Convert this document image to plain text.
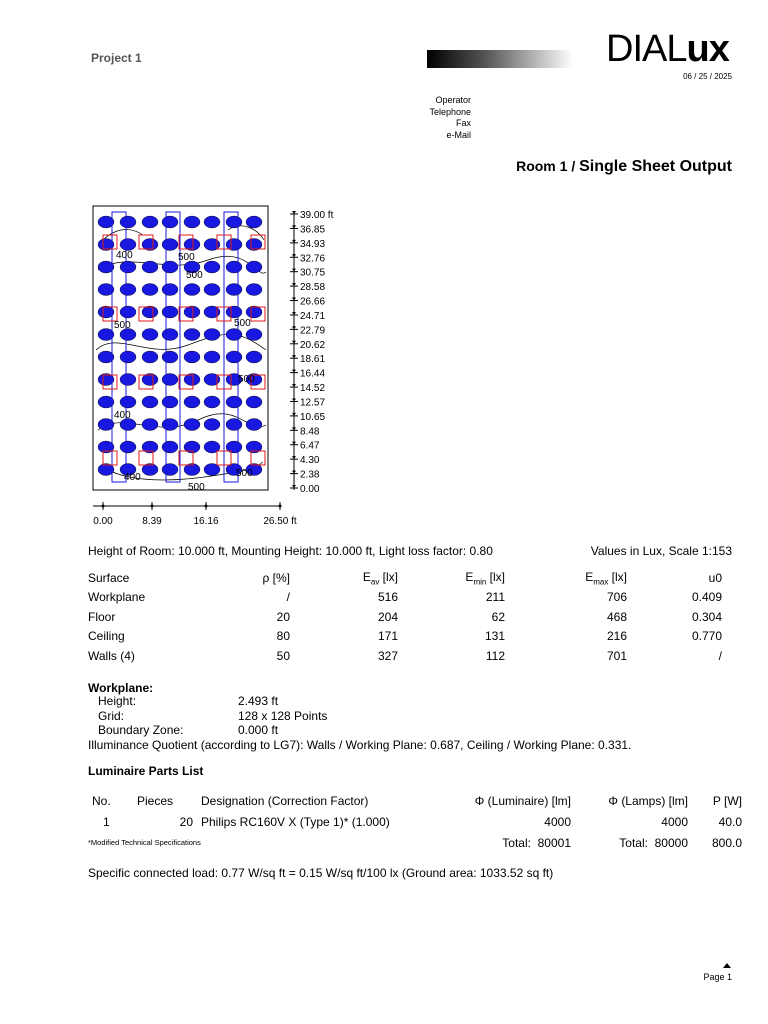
Project 1	DIALux
06 / 25 / 2025
Operator
Telephone
Fax
e-Mail
Room 1 / Single Sheet Output
400	500
500
500	500
500
400
500
400	500
39.00 ft
36.85
34.93
32.76
30.75
28.58
26.66
24.71
22.79
20.62
18.61
16.44
14.52
12.57
10.65
8.48
6.47
4.30
2.38
0.00
0.00	8.39	16.16	26.50 ft
Height of Room: 10.000 ft, Mounting Height: 10.000 ft, Light loss factor: 0.80	Values in Lux, Scale 1:153
Surface	ρ [%]	$E_{av}$ [lx]	$E_{min}$ [lx]	$E_{max}$ [lx]	u0
Workplane	/	516	211	706	0.409
Floor	20	204	62	468	0.304
Ceiling	80	171	131	216	0.770
Walls (4)	50	327	112	701	/
Workplane:
Height:	2.493 ft
Grid:	128 x 128 Points
Boundary Zone:	0.000 ft
Illuminance Quotient (according to LG7): Walls / Working Plane: 0.687, Ceiling / Working Plane: 0.331.
Luminaire Parts List
No.	Pieces	Designation (Correction Factor)	Φ (Luminaire) [lm]	Φ (Lamps) [lm]	P [W]
1	20	Philips RC160V X (Type 1)* (1.000)	4000	4000	40.0
			Total: 80001	Total: 80000	800.0
*Modified Technical Specifications
Specific connected load: 0.77 W/sq ft = 0.15 W/sq ft/100 lx (Ground area: 1033.52 sq ft)
Page 1
